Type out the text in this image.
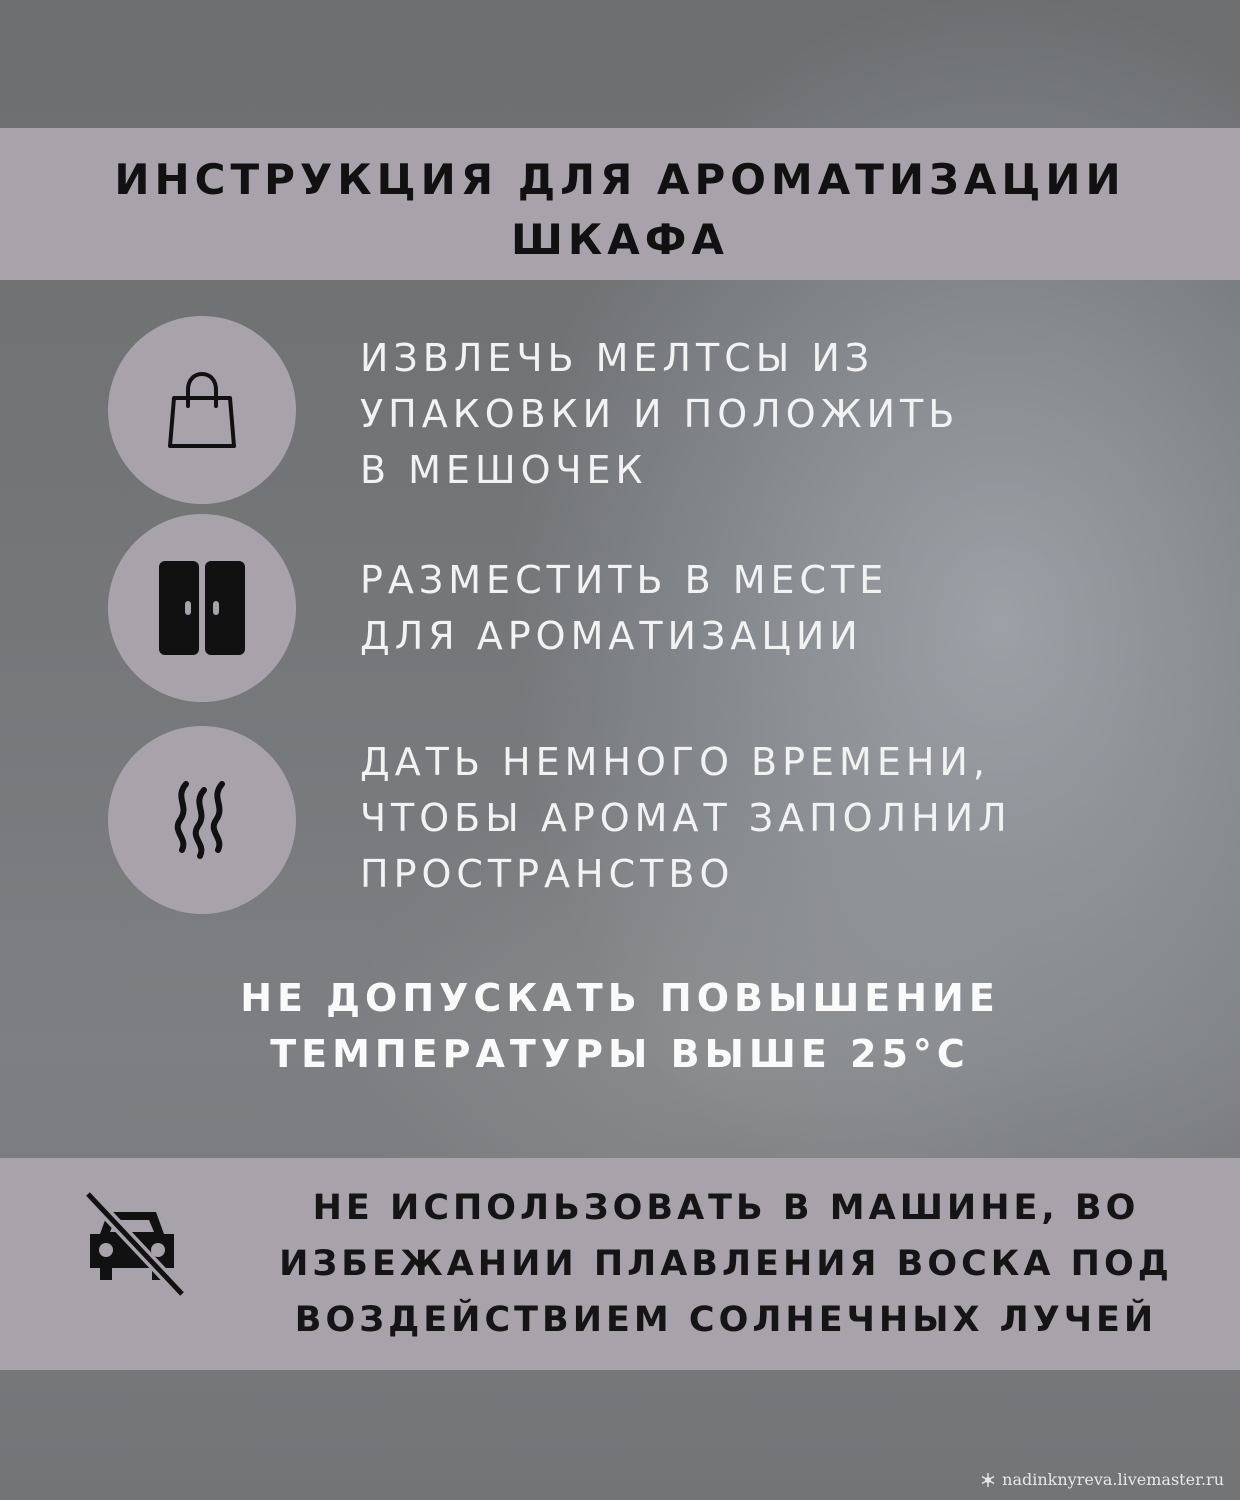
ИНСТРУКЦИЯ ДЛЯ АРОМАТИЗАЦИИ
ШКАФА
ИЗВЛЕЧЬ МЕЛТСЫ ИЗ
УПАКОВКИ И ПОЛОЖИТЬ
В МЕШОЧЕК
РАЗМЕСТИТЬ В МЕСТЕ
ДЛЯ АРОМАТИЗАЦИИ
ДАТЬ НЕМНОГО ВРЕМЕНИ,
ЧТОБЫ АРОМАТ ЗАПОЛНИЛ
ПРОСТРАНСТВО
НЕ ДОПУСКАТЬ ПОВЫШЕНИЕ
ТЕМПЕРАТУРЫ ВЫШЕ 25°С
НЕ ИСПОЛЬЗОВАТЬ В МАШИНЕ, ВО
ИЗБЕЖАНИИ ПЛАВЛЕНИЯ ВОСКА ПОД
ВОЗДЕЙСТВИЕМ СОЛНЕЧНЫХ ЛУЧЕЙ
nadinknyreva.livemaster.ru
